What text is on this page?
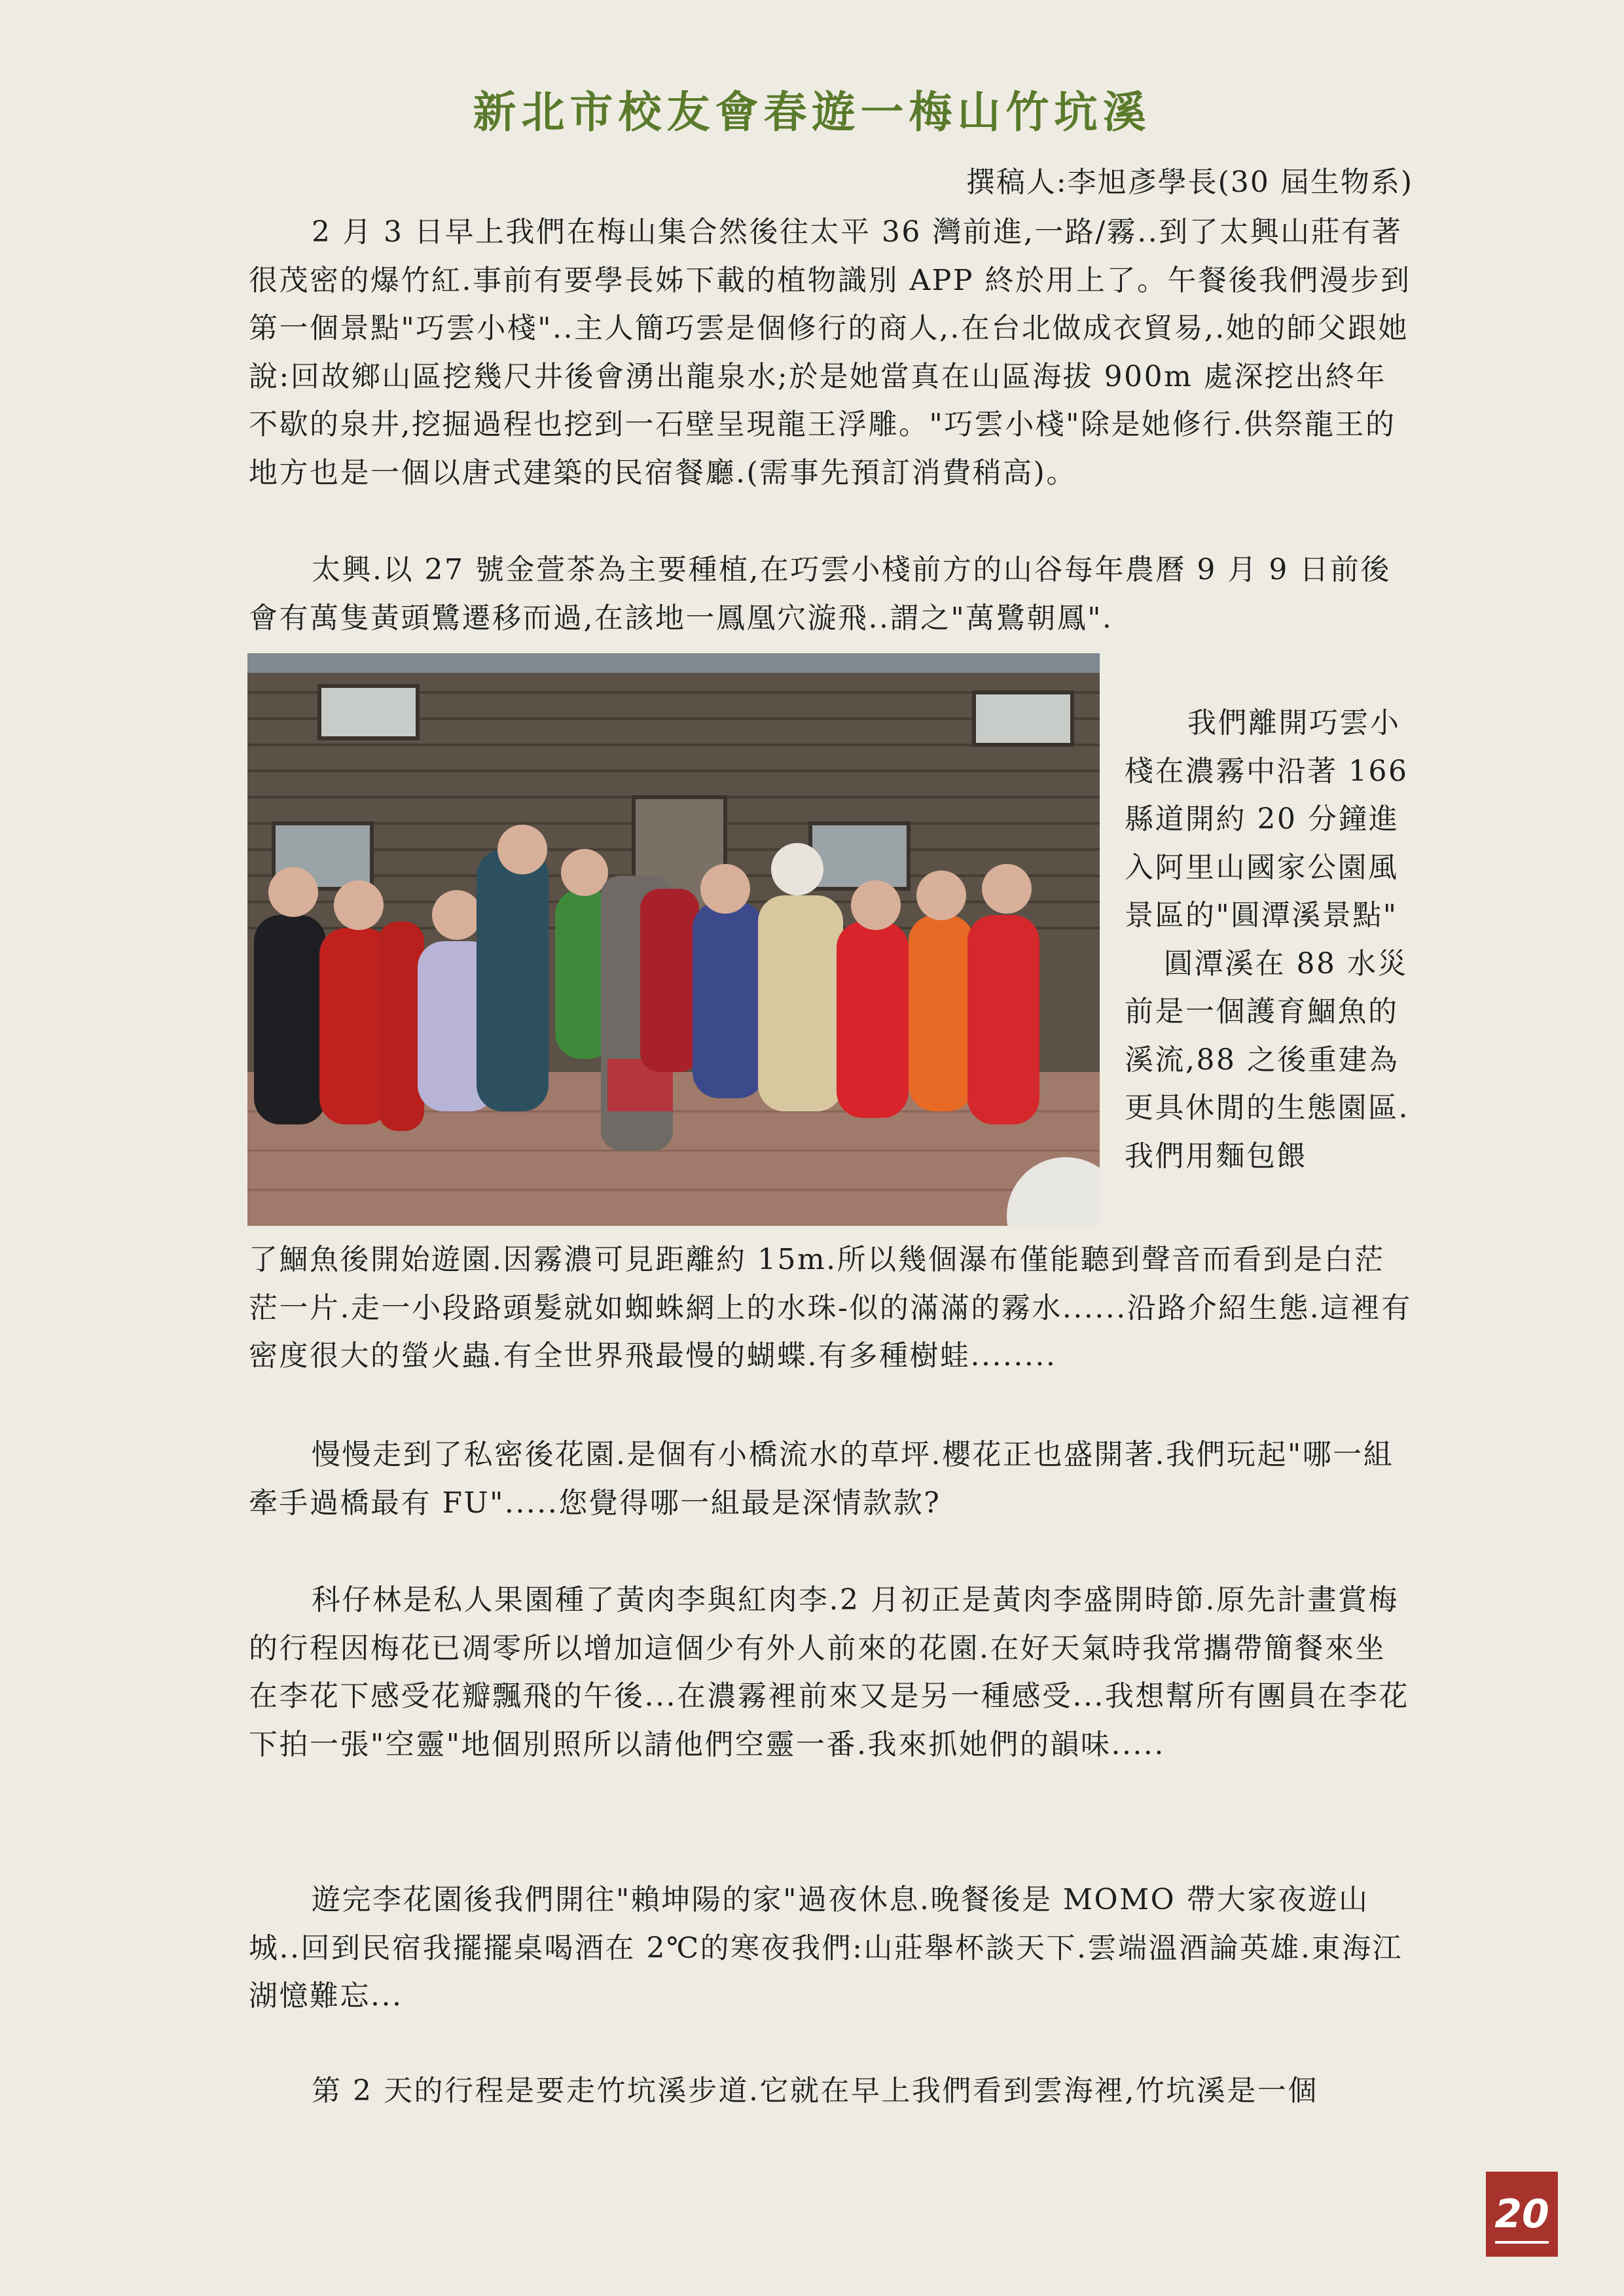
新北市校友會春遊一梅山竹坑溪
撰稿人:李旭彥學長(30 屆生物系)
2 月 3 日早上我們在梅山集合然後往太平 36 灣前進,一路/霧..到了太興山莊有著很茂密的爆竹紅.事前有要學長姊下載的植物識別 APP 終於用上了。午餐後我們漫步到第一個景點"巧雲小棧"..主人簡巧雲是個修行的商人,.在台北做成衣貿易,.她的師父跟她說:回故鄉山區挖幾尺井後會湧出龍泉水;於是她當真在山區海拔 900m 處深挖出終年不歇的泉井,挖掘過程也挖到一石壁呈現龍王浮雕。"巧雲小棧"除是她修行.供祭龍王的地方也是一個以唐式建築的民宿餐廳.(需事先預訂消費稍高)。
太興.以 27 號金萱茶為主要種植,在巧雲小棧前方的山谷每年農曆 9 月 9 日前後會有萬隻黃頭鷺遷移而過,在該地一鳳凰穴漩飛..謂之"萬鷺朝鳳".

我們離開巧雲小棧在濃霧中沿著 166 縣道開約 20 分鐘進入阿里山國家公園風景區的"圓潭溪景點"

圓潭溪在 88 水災前是一個護育鯝魚的溪流,88 之後重建為更具休閒的生態園區.我們用麵包餵

了鯝魚後開始遊園.因霧濃可見距離約 15m.所以幾個瀑布僅能聽到聲音而看到是白茫茫一片.走一小段路頭髮就如蜘蛛網上的水珠-似的滿滿的霧水......沿路介紹生態.這裡有密度很大的螢火蟲.有全世界飛最慢的蝴蝶.有多種樹蛙........
慢慢走到了私密後花園.是個有小橋流水的草坪.櫻花正也盛開著.我們玩起"哪一組牽手過橋最有 FU".....您覺得哪一組最是深情款款?
科仔林是私人果園種了黃肉李與紅肉李.2 月初正是黃肉李盛開時節.原先計畫賞梅的行程因梅花已凋零所以增加這個少有外人前來的花園.在好天氣時我常攜帶簡餐來坐在李花下感受花瓣飄飛的午後...在濃霧裡前來又是另一種感受...我想幫所有團員在李花下拍一張"空靈"地個別照所以請他們空靈一番.我來抓她們的韻味.....
遊完李花園後我們開往"賴坤陽的家"過夜休息.晚餐後是 MOMO 帶大家夜遊山城..回到民宿我擺擺桌喝酒在 2℃的寒夜我們:山莊舉杯談天下.雲端溫酒論英雄.東海江湖憶難忘...
第 2 天的行程是要走竹坑溪步道.它就在早上我們看到雲海裡,竹坑溪是一個
20
